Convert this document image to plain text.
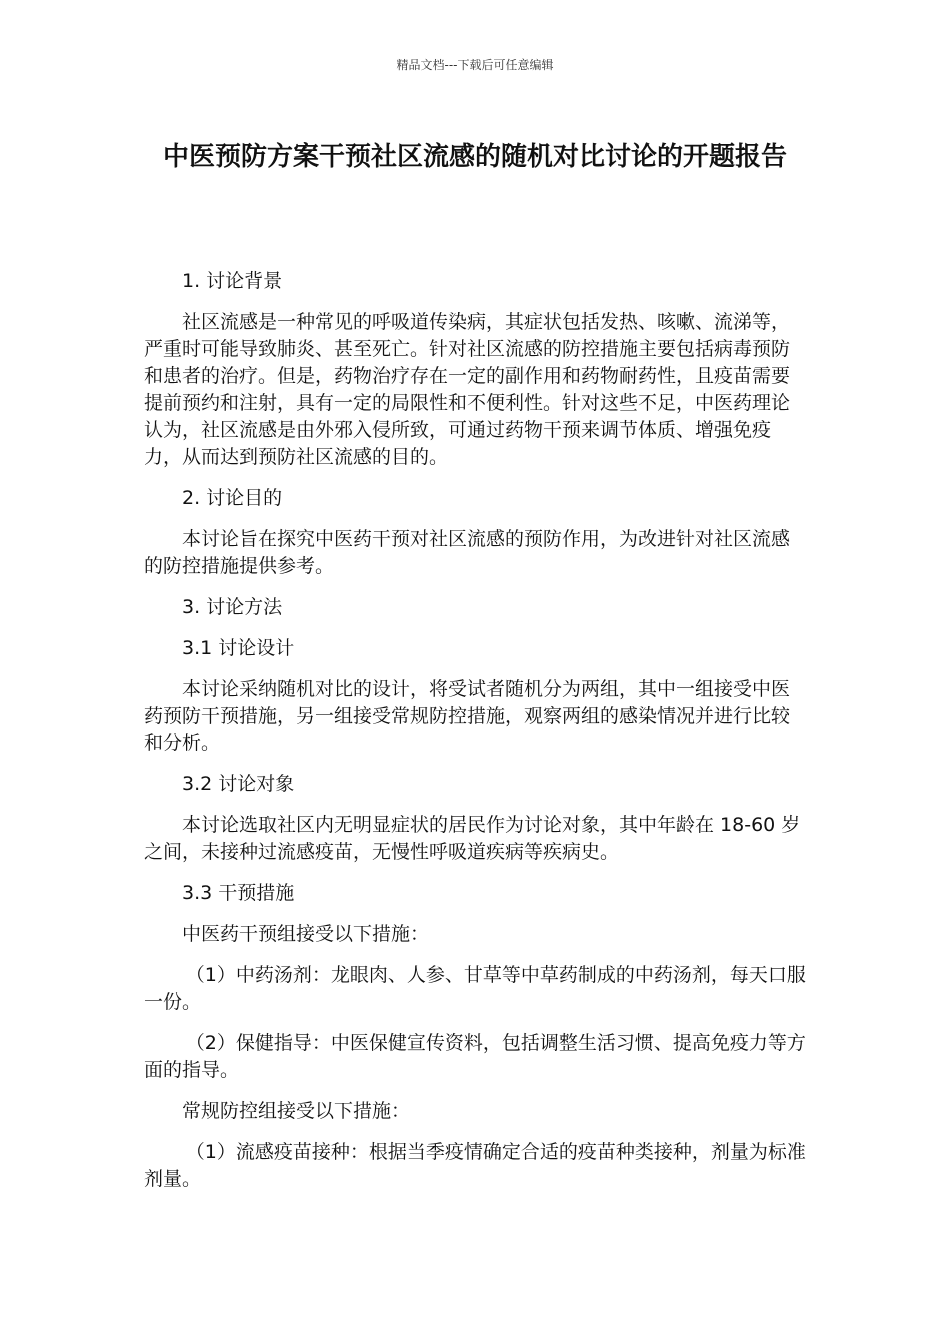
精品文档---下载后可任意编辑
中医预防方案干预社区流感的随机对比讨论的开题报告

1. 讨论背景

社区流感是一种常见的呼吸道传染病，其症状包括发热、咳嗽、流涕等，严重时可能导致肺炎、甚至死亡。针对社区流感的防控措施主要包括病毒预防和患者的治疗。但是，药物治疗存在一定的副作用和药物耐药性，且疫苗需要提前预约和注射，具有一定的局限性和不便利性。针对这些不足，中医药理论认为，社区流感是由外邪入侵所致，可通过药物干预来调节体质、增强免疫力，从而达到预防社区流感的目的。

2. 讨论目的

本讨论旨在探究中医药干预对社区流感的预防作用，为改进针对社区流感的防控措施提供参考。

3. 讨论方法

3.1 讨论设计

本讨论采纳随机对比的设计，将受试者随机分为两组，其中一组接受中医药预防干预措施，另一组接受常规防控措施，观察两组的感染情况并进行比较和分析。

3.2 讨论对象

本讨论选取社区内无明显症状的居民作为讨论对象，其中年龄在 18-60 岁之间，未接种过流感疫苗，无慢性呼吸道疾病等疾病史。

3.3 干预措施

中医药干预组接受以下措施：

（1）中药汤剂：龙眼肉、人参、甘草等中草药制成的中药汤剂，每天口服一份。

（2）保健指导：中医保健宣传资料，包括调整生活习惯、提高免疫力等方面的指导。

常规防控组接受以下措施：

（1）流感疫苗接种：根据当季疫情确定合适的疫苗种类接种，剂量为标准剂量。
